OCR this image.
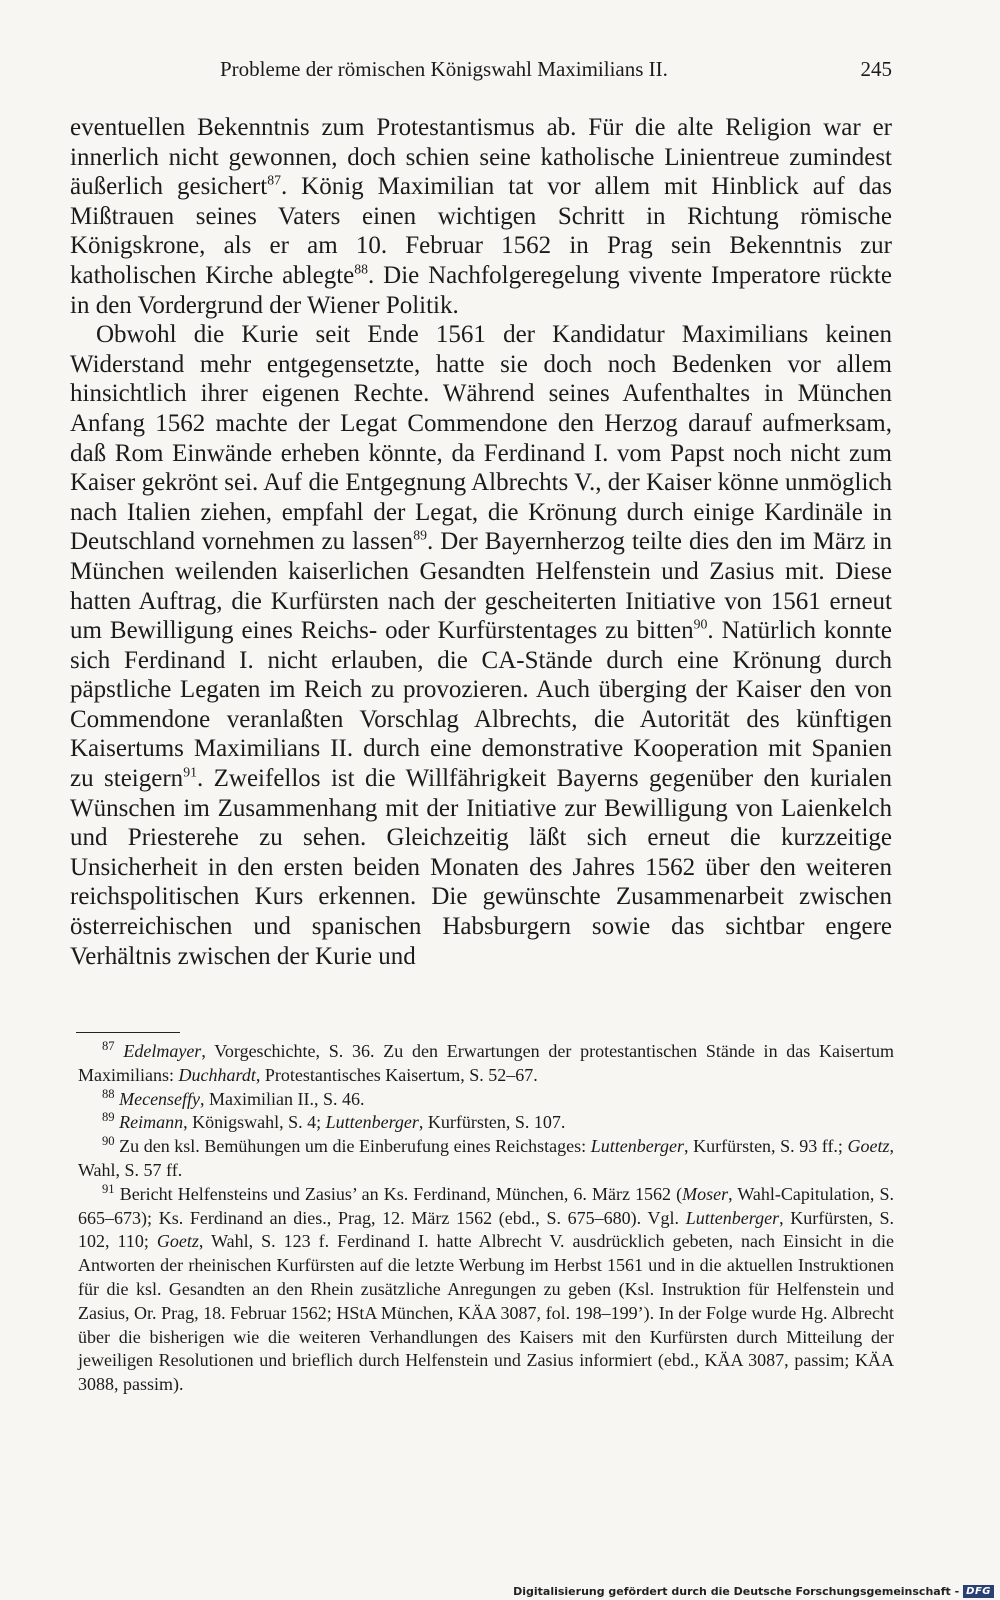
Probleme der römischen Königswahl Maximilians II.	245

eventuellen Bekenntnis zum Protestantismus ab. Für die alte Religion war er innerlich nicht gewonnen, doch schien seine katholische Linientreue zumindest äußerlich gesichert$^{87}$. König Maximilian tat vor allem mit Hinblick auf das Mißtrauen seines Vaters einen wichtigen Schritt in Richtung römische Königskrone, als er am 10. Februar 1562 in Prag sein Bekenntnis zur katholischen Kirche ablegte$^{88}$. Die Nachfolgeregelung vivente Imperatore rückte in den Vordergrund der Wiener Politik.

Obwohl die Kurie seit Ende 1561 der Kandidatur Maximilians keinen Widerstand mehr entgegensetzte, hatte sie doch noch Bedenken vor allem hinsichtlich ihrer eigenen Rechte. Während seines Aufenthaltes in München Anfang 1562 machte der Legat Commendone den Herzog darauf aufmerksam, daß Rom Einwände erheben könnte, da Ferdinand I. vom Papst noch nicht zum Kaiser gekrönt sei. Auf die Entgegnung Albrechts V., der Kaiser könne unmöglich nach Italien ziehen, empfahl der Legat, die Krönung durch einige Kardinäle in Deutschland vornehmen zu lassen$^{89}$. Der Bayernherzog teilte dies den im März in München weilenden kaiserlichen Gesandten Helfenstein und Zasius mit. Diese hatten Auftrag, die Kurfürsten nach der gescheiterten Initiative von 1561 erneut um Bewilligung eines Reichs- oder Kurfürstentages zu bitten$^{90}$. Natürlich konnte sich Ferdinand I. nicht erlauben, die CA-Stände durch eine Krönung durch päpstliche Legaten im Reich zu provozieren. Auch überging der Kaiser den von Commendone veranlaßten Vorschlag Albrechts, die Autorität des künftigen Kaisertums Maximilians II. durch eine demonstrative Kooperation mit Spanien zu steigern$^{91}$. Zweifellos ist die Willfährigkeit Bayerns gegenüber den kurialen Wünschen im Zusammenhang mit der Initiative zur Bewilligung von Laienkelch und Priesterehe zu sehen. Gleichzeitig läßt sich erneut die kurzzeitige Unsicherheit in den ersten beiden Monaten des Jahres 1562 über den weiteren reichspolitischen Kurs erkennen. Die gewünschte Zusammenarbeit zwischen österreichischen und spanischen Habsburgern sowie das sichtbar engere Verhältnis zwischen der Kurie und

$^{87}$ Edelmayer, Vorgeschichte, S. 36. Zu den Erwartungen der protestantischen Stände in das Kaisertum Maximilians: Duchhardt, Protestantisches Kaisertum, S. 52–67.

$^{88}$ Mecenseffy, Maximilian II., S. 46.

$^{89}$ Reimann, Königswahl, S. 4; Luttenberger, Kurfürsten, S. 107.

$^{90}$ Zu den ksl. Bemühungen um die Einberufung eines Reichstages: Luttenberger, Kurfürsten, S. 93 ff.; Goetz, Wahl, S. 57 ff.

$^{91}$ Bericht Helfensteins und Zasius’ an Ks. Ferdinand, München, 6. März 1562 (Moser, Wahl-Capitulation, S. 665–673); Ks. Ferdinand an dies., Prag, 12. März 1562 (ebd., S. 675–680). Vgl. Luttenberger, Kurfürsten, S. 102, 110; Goetz, Wahl, S. 123 f. Ferdinand I. hatte Albrecht V. ausdrücklich gebeten, nach Einsicht in die Antworten der rheinischen Kurfürsten auf die letzte Werbung im Herbst 1561 und in die aktuellen Instruktionen für die ksl. Gesandten an den Rhein zusätzliche Anregungen zu geben (Ksl. Instruktion für Helfenstein und Zasius, Or. Prag, 18. Februar 1562; HStA München, KÄA 3087, fol. 198–199’). In der Folge wurde Hg. Albrecht über die bisherigen wie die weiteren Verhandlungen des Kaisers mit den Kurfürsten durch Mitteilung der jeweiligen Resolutionen und brieflich durch Helfenstein und Zasius informiert (ebd., KÄA 3087, passim; KÄA 3088, passim).

Digitalisierung gefördert durch die Deutsche Forschungsgemeinschaft - DFG
